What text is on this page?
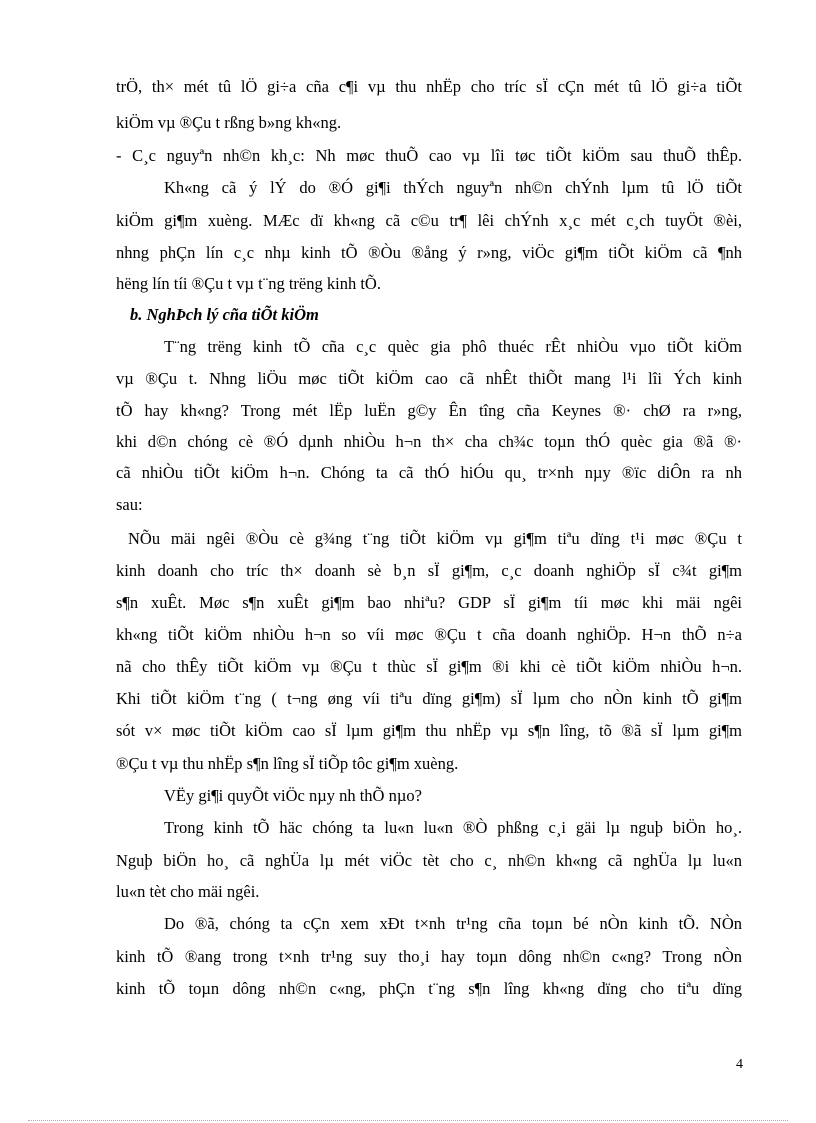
trÖ, th× mét tû lÖ gi÷a cña c¶i vµ thu nhËp cho tríc sÏ cÇn mét tû lÖ gi÷a tiÕt
kiÖm vµ ®Çu t rßng b»ng kh«ng.
- C¸c nguyªn nh©n kh¸c: Nh møc thuÕ cao vµ lîi tøc tiÕt kiÖm sau thuÕ thÊp.
Kh«ng cã ý lÝ do ®Ó gi¶i thÝch nguyªn nh©n chÝnh lµm tû lÖ tiÕt
kiÖm gi¶m xuèng. MÆc dï kh«ng cã c©u tr¶ lêi chÝnh x¸c mét c¸ch tuyÖt ®èi,
nhng phÇn lín c¸c nhµ kinh tÕ ®Òu ®ång ý r»ng, viÖc gi¶m tiÕt kiÖm cã ¶nh
hëng lín tíi ®Çu t vµ t¨ng trëng kinh tÕ.
b. NghÞch lý cña tiÕt kiÖm
T¨ng trëng kinh tÕ cña c¸c quèc gia phô thuéc rÊt nhiÒu vµo tiÕt kiÖm
vµ ®Çu t. Nhng liÖu møc tiÕt kiÖm cao cã nhÊt thiÕt mang l¹i lîi Ých kinh
tÕ hay kh«ng? Trong mét lËp luËn g©y Ên tîng cña Keynes ®· chØ ra r»ng,
khi d©n chóng cè ®Ó dµnh nhiÒu h¬n th× cha ch¾c toµn thÓ quèc gia ®ã ®·
cã nhiÒu tiÕt kiÖm h¬n. Chóng ta cã thÓ hiÓu qu¸ tr×nh nµy ®ïc diÔn ra nh
sau:
NÕu mäi ngêi ®Òu cè g¾ng t¨ng tiÕt kiÖm vµ gi¶m tiªu dïng t¹i møc ®Çu t
kinh doanh cho tríc th× doanh sè b¸n sÏ gi¶m, c¸c doanh nghiÖp sÏ c¾t gi¶m
s¶n xuÊt. Møc s¶n xuÊt gi¶m bao nhiªu? GDP sÏ gi¶m tíi møc khi mäi ngêi
kh«ng tiÕt kiÖm nhiÒu h¬n so víi møc ®Çu t cña doanh nghiÖp. H¬n thÕ n÷a
nã cho thÊy tiÕt kiÖm vµ ®Çu t thùc sÏ gi¶m ®i khi cè tiÕt kiÖm nhiÒu h¬n.
Khi tiÕt kiÖm t¨ng ( t¬ng øng víi tiªu dïng gi¶m) sÏ lµm cho nÒn kinh tÕ gi¶m
sót v× møc tiÕt kiÖm cao sÏ lµm gi¶m thu nhËp vµ s¶n lîng, tõ ®ã sÏ lµm gi¶m
®Çu t vµ thu nhËp s¶n lîng sÏ tiÕp tôc gi¶m xuèng.
VËy gi¶i quyÕt viÖc nµy nh thÕ nµo?
Trong kinh tÕ häc chóng ta lu«n lu«n ®Ò phßng c¸i gäi lµ nguþ biÖn ho¸.
Nguþ biÖn ho¸ cã nghÜa lµ mét viÖc tèt cho c¸ nh©n kh«ng cã nghÜa lµ lu«n
lu«n tèt cho mäi ngêi.
Do ®ã, chóng ta cÇn xem xÐt t×nh tr¹ng cña toµn bé nÒn kinh tÕ. NÒn
kinh tÕ ®ang trong t×nh tr¹ng suy tho¸i hay toµn dông nh©n c«ng? Trong nÒn
kinh tÕ toµn dông nh©n c«ng, phÇn t¨ng s¶n lîng kh«ng dïng cho tiªu dïng
4
